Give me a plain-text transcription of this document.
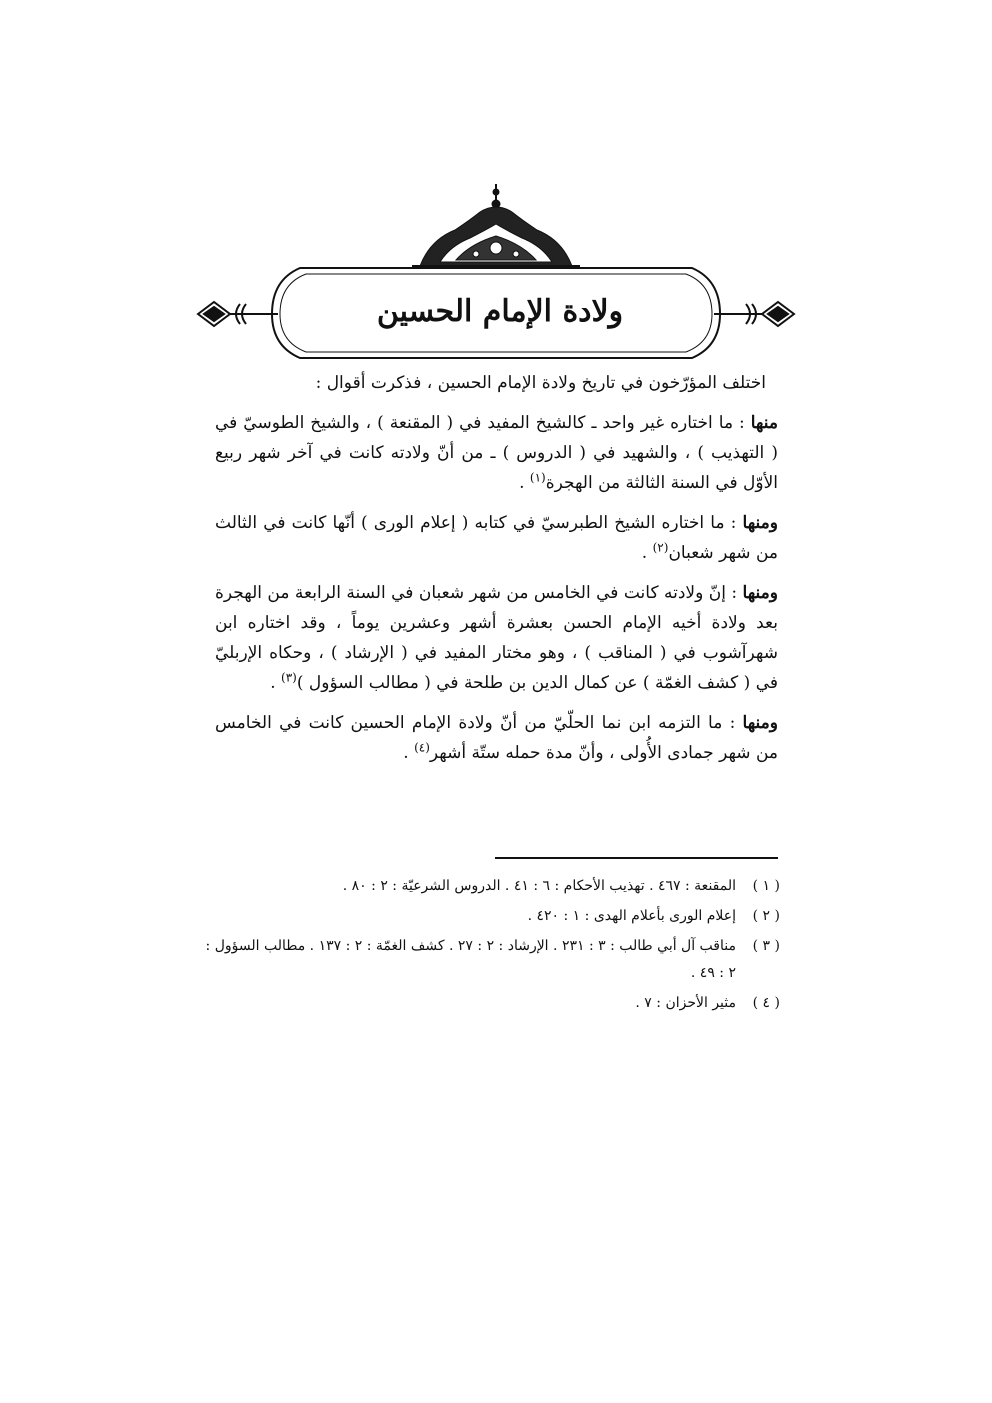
ولادة الإمام الحسين

اختلف المؤرّخون في تاريخ ولادة الإمام الحسين ، فذكرت أقوال :

منها : ما اختاره غير واحد ـ كالشيخ المفيد في ( المقنعة ) ، والشيخ الطوسيّ في ( التهذيب ) ، والشهيد في ( الدروس ) ـ من أنّ ولادته كانت في آخر شهر ربيع الأوّل في السنة الثالثة من الهجرة$^{(١)}$ .

ومنها : ما اختاره الشيخ الطبرسيّ في كتابه ( إعلام الورى ) أنّها كانت في الثالث من شهر شعبان$^{(٢)}$ .

ومنها : إنّ ولادته كانت في الخامس من شهر شعبان في السنة الرابعة من الهجرة بعد ولادة أخيه الإمام الحسن بعشرة أشهر وعشرين يوماً ، وقد اختاره ابن شهرآشوب في ( المناقب ) ، وهو مختار المفيد في ( الإرشاد ) ، وحكاه الإربليّ في ( كشف الغمّة ) عن كمال الدين بن طلحة في ( مطالب السؤول )$^{(٣)}$ .

ومنها : ما التزمه ابن نما الحلّيّ من أنّ ولادة الإمام الحسين كانت في الخامس من شهر جمادى الأُولى ، وأنّ مدة حمله ستّة أشهر$^{(٤)}$ .

( ١ )
المقنعة : ٤٦٧ . تهذيب الأحكام : ٦ : ٤١ . الدروس الشرعيّة : ٢ : ٨٠ .
( ٢ )
إعلام الورى بأعلام الهدى : ١ : ٤٢٠ .
( ٣ )
مناقب آل أبي طالب : ٣ : ٢٣١ . الإرشاد : ٢ : ٢٧ . كشف الغمّة : ٢ : ١٣٧ . مطالب السؤول : ٢ : ٤٩ .
( ٤ )
مثير الأحزان : ٧ .
